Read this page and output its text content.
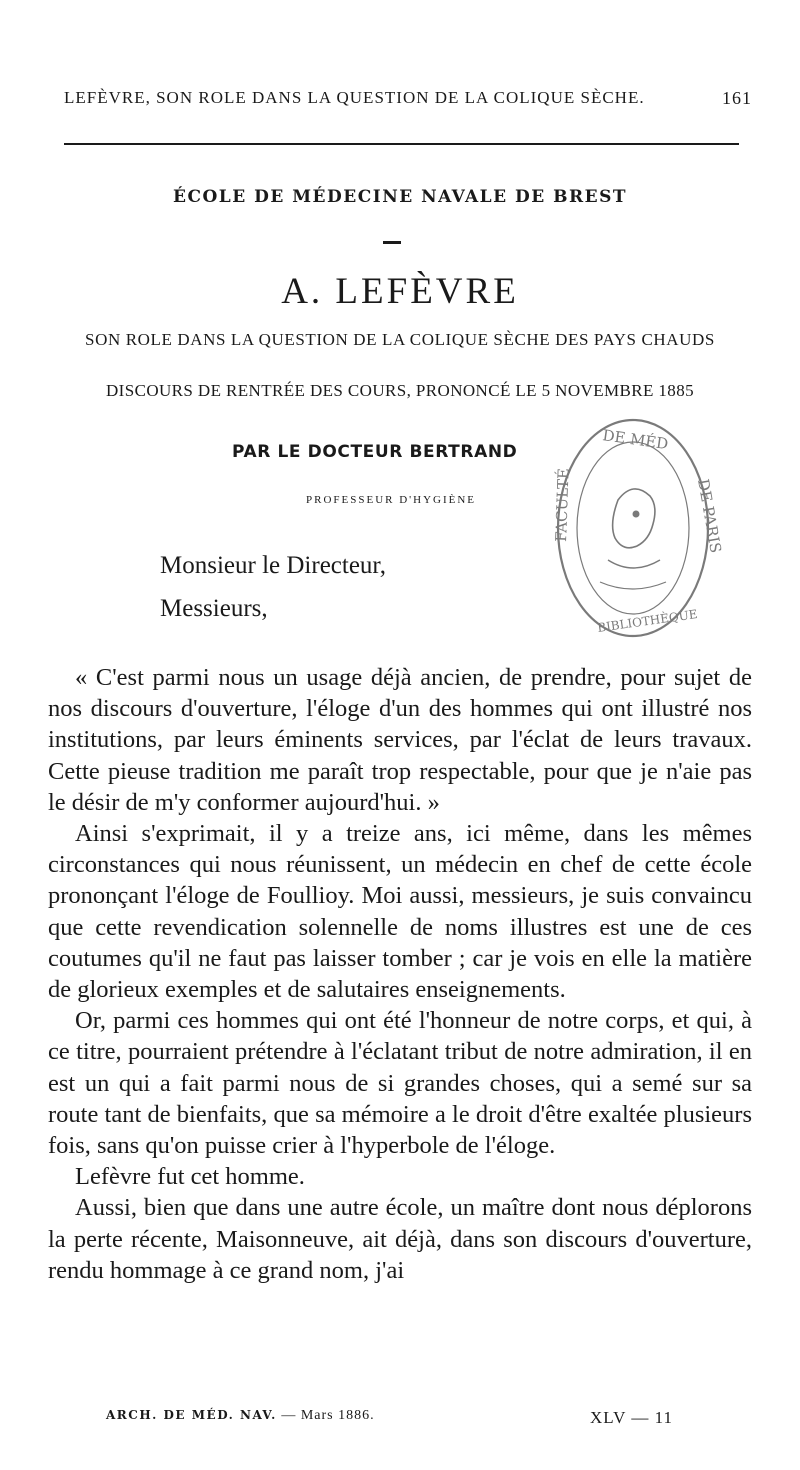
LEFÈVRE, SON ROLE DANS LA QUESTION DE LA COLIQUE SÈCHE.	161
ÉCOLE DE MÉDECINE NAVALE DE BREST
A. LEFÈVRE
SON ROLE DANS LA QUESTION DE LA COLIQUE SÈCHE DES PAYS CHAUDS
DISCOURS DE RENTRÉE DES COURS, PRONONCÉ LE 5 NOVEMBRE 1885
PAR LE DOCTEUR BERTRAND
PROFESSEUR D'HYGIÈNE	FACULTÉ
DE MÉD
DE PARIS
BIBLIOTHÈQUE
Monsieur le Directeur,
Messieurs,

« C'est parmi nous un usage déjà ancien, de prendre, pour sujet de nos discours d'ouverture, l'éloge d'un des hommes qui ont illustré nos institutions, par leurs éminents services, par l'éclat de leurs travaux. Cette pieuse tradition me paraît trop respectable, pour que je n'aie pas le désir de m'y conformer aujourd'hui. »

Ainsi s'exprimait, il y a treize ans, ici même, dans les mêmes circonstances qui nous réunissent, un médecin en chef de cette école prononçant l'éloge de Foullioy. Moi aussi, messieurs, je suis convaincu que cette revendication solennelle de noms illustres est une de ces coutumes qu'il ne faut pas laisser tomber ; car je vois en elle la matière de glorieux exemples et de salutaires enseignements.

Or, parmi ces hommes qui ont été l'honneur de notre corps, et qui, à ce titre, pourraient prétendre à l'éclatant tribut de notre admiration, il en est un qui a fait parmi nous de si grandes choses, qui a semé sur sa route tant de bienfaits, que sa mémoire a le droit d'être exaltée plusieurs fois, sans qu'on puisse crier à l'hyperbole de l'éloge.

Lefèvre fut cet homme.

Aussi, bien que dans une autre école, un maître dont nous déplorons la perte récente, Maisonneuve, ait déjà, dans son discours d'ouverture, rendu hommage à ce grand nom, j'ai

ARCH. DE MÉD. NAV. — Mars 1886.	XLV — 11
